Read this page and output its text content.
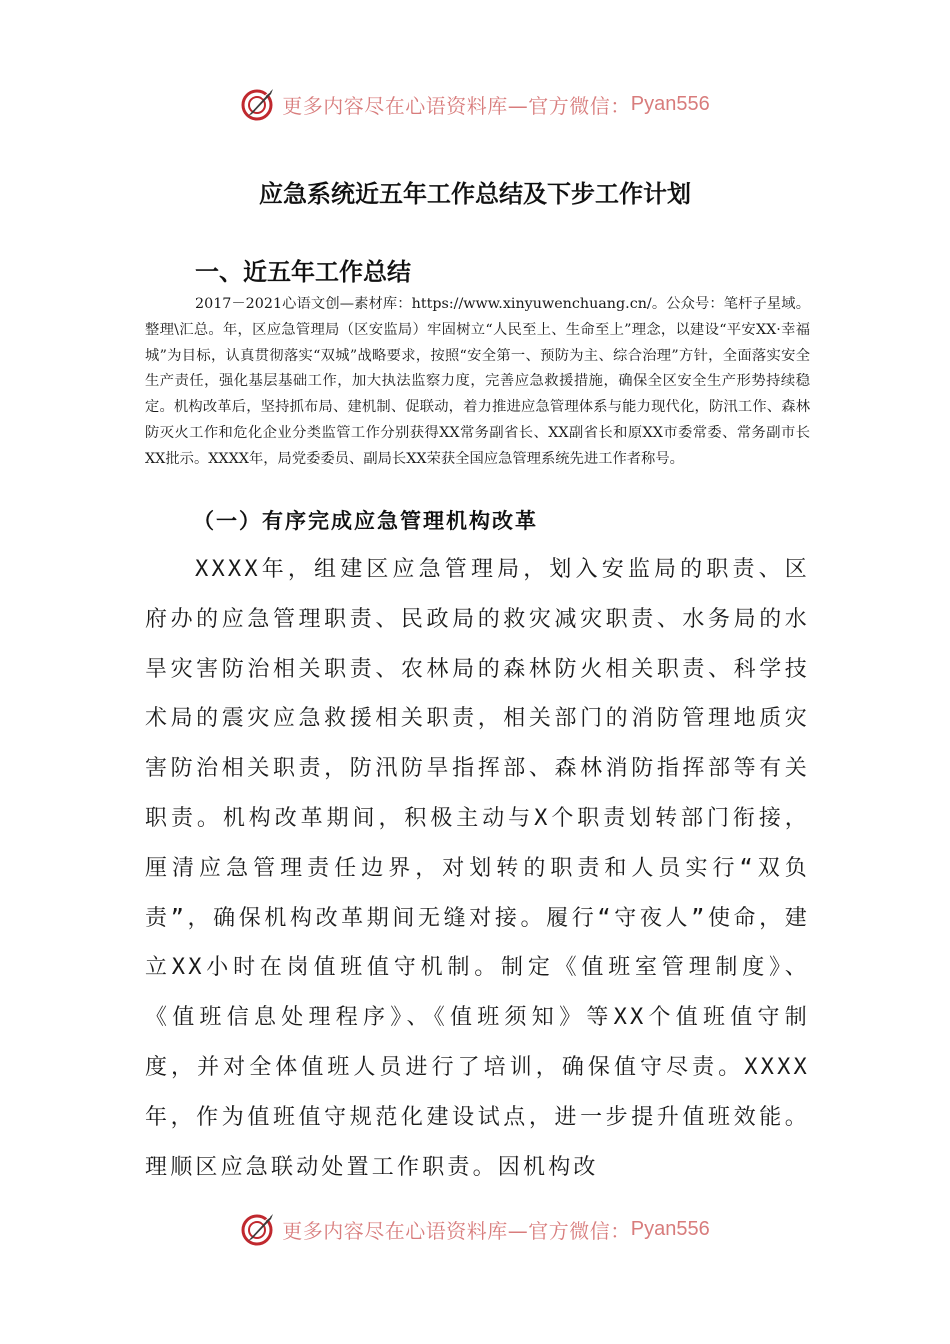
更多内容尽在心语资料库—官方微信： Pyan556
应急系统近五年工作总结及下步工作计划
一、近五年工作总结

2017－2021心语文创—素材库：https://www.xinyuwenchuang.cn/。公众号：笔杆子星域。整理\汇总。年，区应急管理局（区安监局）牢固树立“人民至上、生命至上”理念，以建设“平安XX·幸福城”为目标，认真贯彻落实“双城”战略要求，按照“安全第一、预防为主、综合治理”方针，全面落实安全生产责任，强化基层基础工作，加大执法监察力度，完善应急救援措施，确保全区安全生产形势持续稳定。机构改革后，坚持抓布局、建机制、促联动，着力推进应急管理体系与能力现代化，防汛工作、森林防灭火工作和危化企业分类监管工作分别获得XX常务副省长、XX副省长和原XX市委常委、常务副市长XX批示。XXXX年，局党委委员、副局长XX荣获全国应急管理系统先进工作者称号。

（一）有序完成应急管理机构改革

XXXX年，组建区应急管理局，划入安监局的职责、区府办的应急管理职责、民政局的救灾减灾职责、水务局的水旱灾害防治相关职责、农林局的森林防火相关职责、科学技术局的震灾应急救援相关职责，相关部门的消防管理地质灾害防治相关职责，防汛防旱指挥部、森林消防指挥部等有关职责。机构改革期间，积极主动与X个职责划转部门衔接，厘清应急管理责任边界，对划转的职责和人员实行“双负责”，确保机构改革期间无缝对接。履行“守夜人”使命，建立XX小时在岗值班值守机制。制定《值班室管理制度》、《值班信息处理程序》、《值班须知》等XX个值班值守制度，并对全体值班人员进行了培训，确保值守尽责。XXXX年，作为值班值守规范化建设试点，进一步提升值班效能。理顺区应急联动处置工作职责。因机构改

更多内容尽在心语资料库—官方微信： Pyan556
